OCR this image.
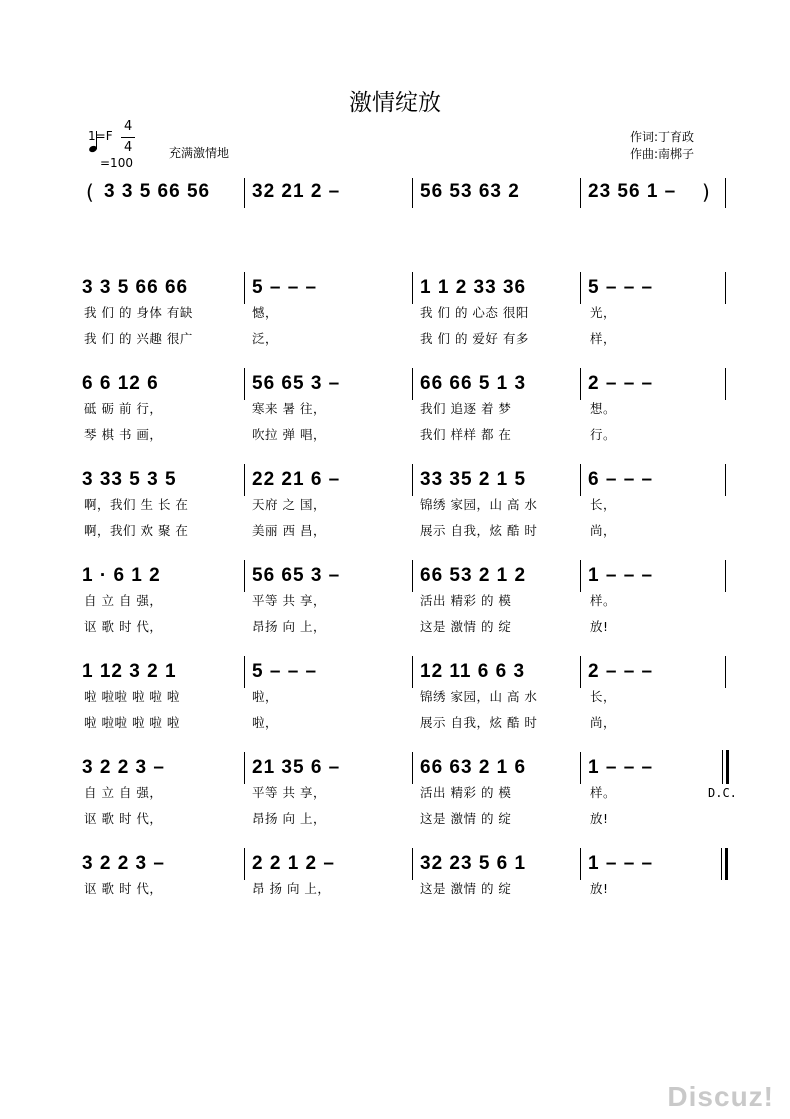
激情绽放
1=F
4
4
=100
充满激情地
作词:丁育政
作曲:南梆子
( 3 3 5 66 56 32 21 2 –	56 53 63 2	23 56 1 – )
3 3 5 66 66	5 – – –	1 1 2 33 36	5 – – –
我 们 的 身体 有缺	憾，	我 们 的 心态 很阳	光，
我 们 的 兴趣 很广	泛，	我 们 的 爱好 有多	样，
6 6 12 6	56 65 3 –	66 66 5 1 3	2 – – –
砥 砺 前 行，	寒来 暑 往，	我们 追逐 着 梦	想。
琴 棋 书 画，	吹拉 弹 唱，	我们 样样 都 在	行。
3 33 5 3 5	22 21 6 –	33 35 2 1 5	6 – – –
啊，我们 生 长 在	天府 之 国，	锦绣 家园，山 高 水	长，
啊，我们 欢 聚 在	美丽 西 昌，	展示 自我，炫 酷 时	尚，
1 · 6 1 2	56 65 3 –	66 53 2 1 2	1 – – –
自 立 自 强，	平等 共 享，	活出 精彩 的 模	样。
讴 歌 时 代，	昂扬 向 上，	这是 激情 的 绽	放!
1 12 3 2 1	5 – – –	12 11 6 6 3	2 – – –
啦 啦啦 啦 啦 啦	啦，	锦绣 家园，山 高 水	长，
啦 啦啦 啦 啦 啦	啦，	展示 自我，炫 酷 时	尚，
3 2 2 3 –	21 35 6 –	66 63 2 1 6	1 – – –
D.C.
自 立 自 强，	平等 共 享，	活出 精彩 的 模	样。
讴 歌 时 代，	昂扬 向 上，	这是 激情 的 绽	放!
3 2 2 3 –	2 2 1 2 –	32 23 5 6 1	1 – – –
讴 歌 时 代，	昂 扬 向 上，	这是 激情 的 绽	放!
Discuz!
